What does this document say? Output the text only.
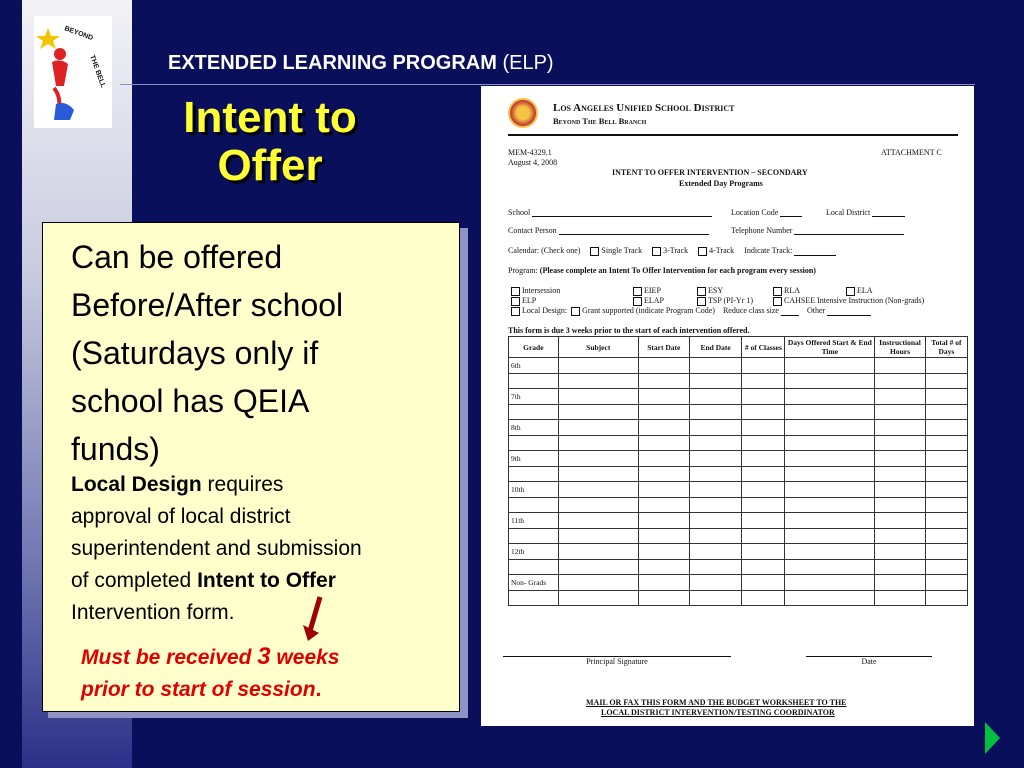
BEYOND
THE BELL	EXTENDED LEARNING PROGRAM (ELP)
Intent to
Offer
Can be offered
Before/After school
(Saturdays only if
school has QEIA
funds)
Local Design requires
approval of local district
superintendent and submission
of completed Intent to Offer
Intervention form.
Must be received 3 weeks
prior to start of session.
Los Angeles Unified School District
Beyond The Bell Branch
MEM-4329.1
August 4, 2008
ATTACHMENT C
INTENT TO OFFER INTERVENTION – SECONDARY
Extended Day Programs
School	Location Code	Local District
Contact Person	Telephone Number
Calendar: (Check one)	Single Track	3-Track	4-Track Indicate Track:
Program: (Please complete an Intent To Offer Intervention for each program every session)
Intersession	EIEP	ESY	RLA	ELA
ELP	ELAP	TSP (PI-Yr 1)	CAHSEE Intensive Instruction (Non-grads)
Local Design: Grant supported (indicate Program Code) Reduce class size	Other
This form is due 3 weeks prior to the start of each intervention offered.
Grade	Subject	Start Date	End Date	# of Classes	Days Offered Start & End Time	Instructional Hours	Total # of Days
6th							

7th							

8th							

9th							

10th							

11th							

12th							

Non- Grads							

Principal Signature	Date
MAIL OR FAX THIS FORM AND THE BUDGET WORKSHEET TO THE
LOCAL DISTRICT INTERVENTION/TESTING COORDINATOR	5
